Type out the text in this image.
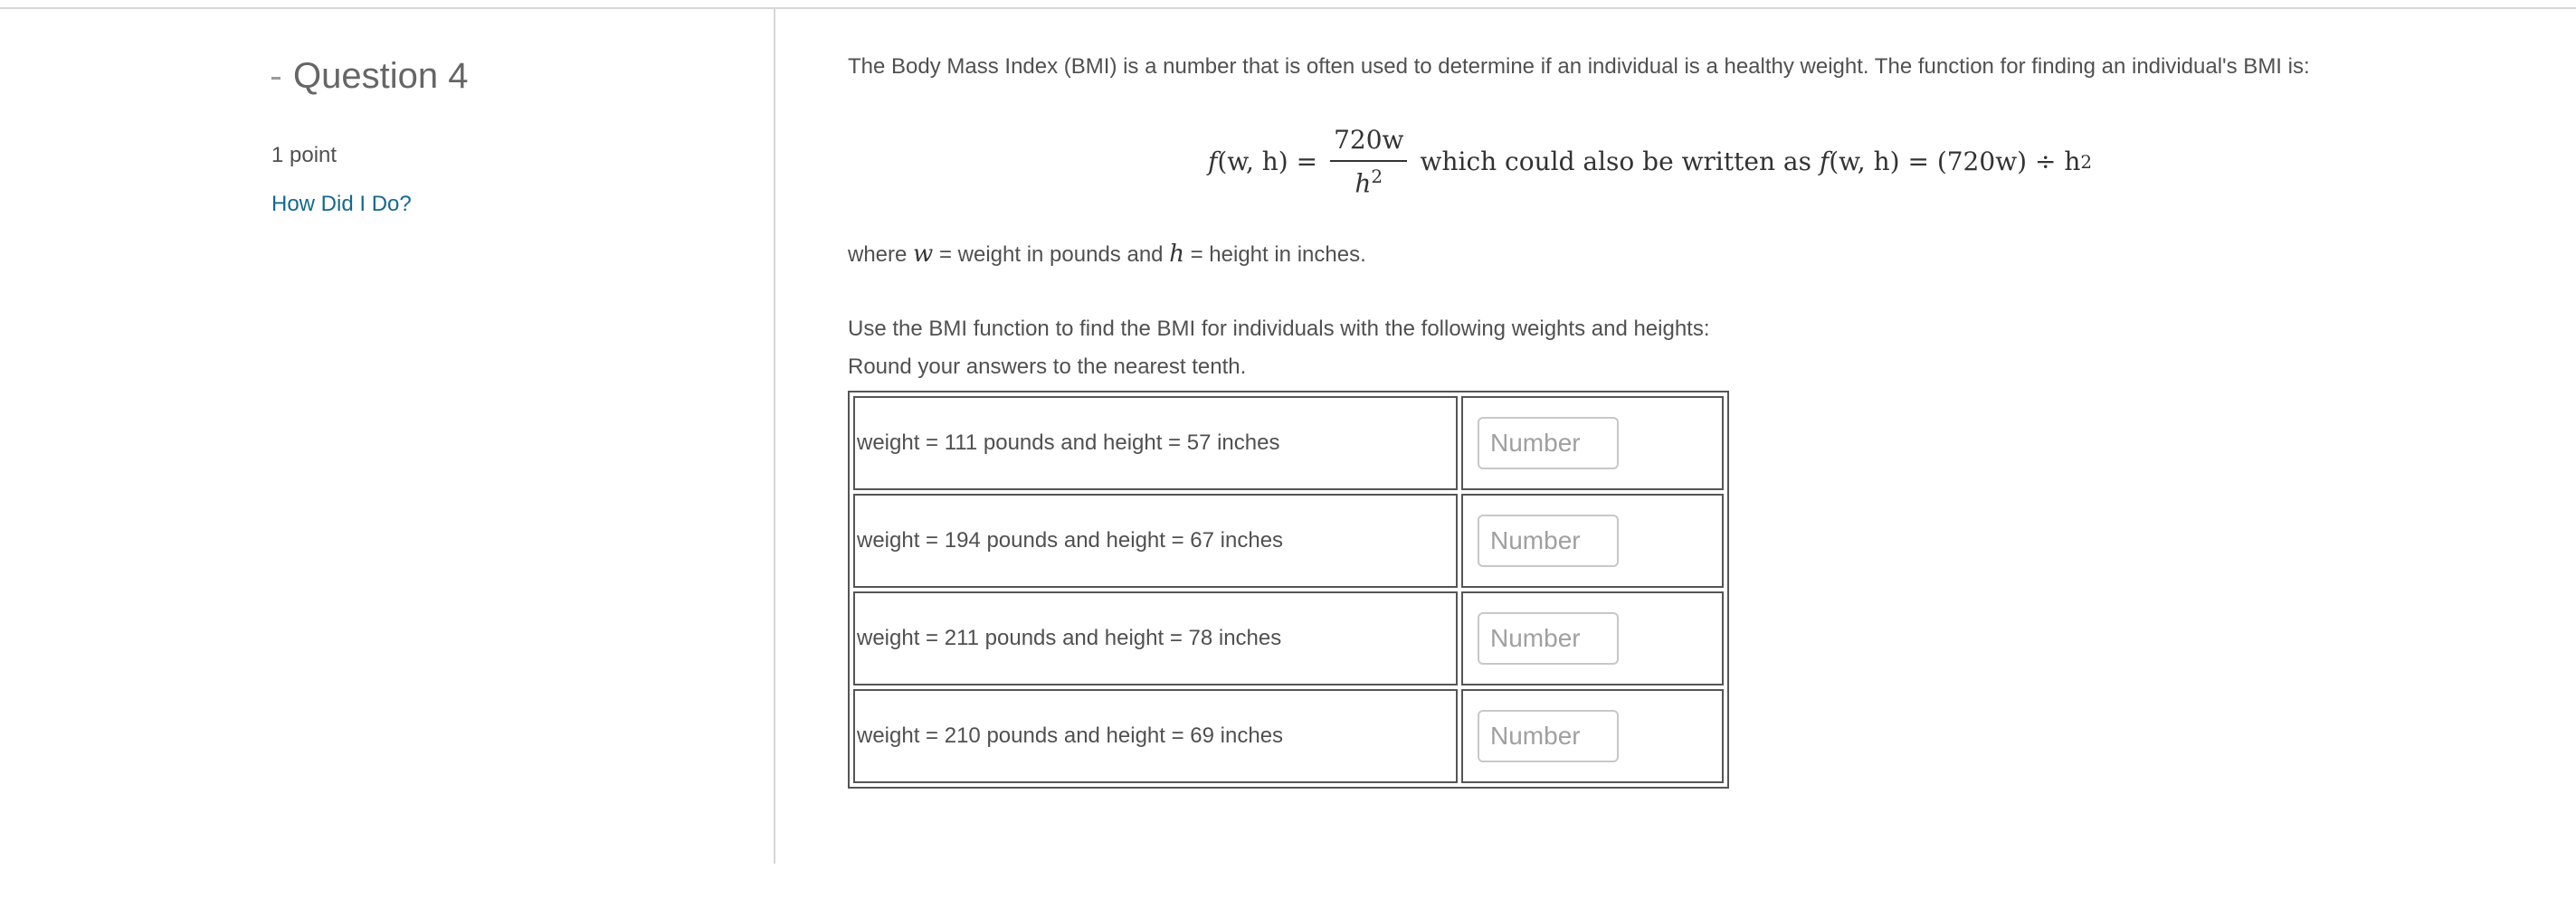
Question 4
1 point
How Did I Do?
The Body Mass Index (BMI) is a number that is often used to determine if an individual is a healthy weight. The function for finding an individual's BMI is:
f (w, $h) = \frac{720w}{h^2}$ which could also be written as
f (w, h) = (720w) ÷ h 2
where w = weight in pounds and h = height in inches.
Use the BMI function to find the BMI for individuals with the following weights and heights:
Round your answers to the nearest tenth.
weight = 111 pounds and height = 57 inches	Number
weight = 194 pounds and height = 67 inches	Number
weight = 211 pounds and height = 78 inches	Number
weight = 210 pounds and height = 69 inches	Number
